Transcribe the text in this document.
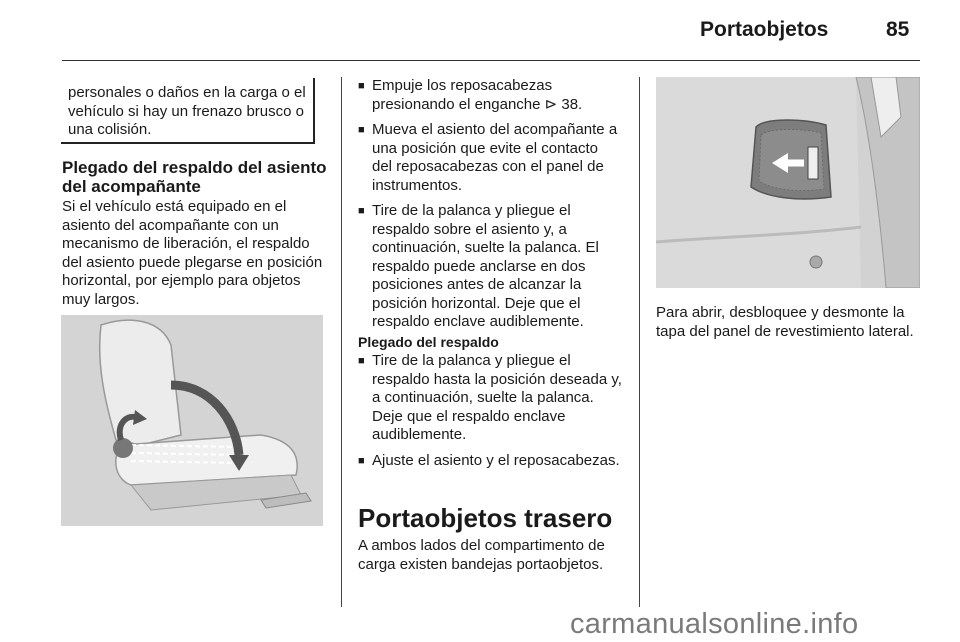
Portaobjetos	85
personales o daños en la carga o el vehículo si hay un frenazo brusco o una colisión.
Plegado del respaldo del asiento del acompañante
Si el vehículo está equipado en el asiento del acompañante con un mecanismo de liberación, el respaldo del asiento puede plegarse en posición horizontal, por ejemplo para objetos muy largos.
■ Empuje los reposacabezas presionando el enganche ⊳ 38.
■ Mueva el asiento del acompañante a una posición que evite el contacto del reposacabezas con el panel de instrumentos.
■ Tire de la palanca y pliegue el respaldo sobre el asiento y, a continuación, suelte la palanca. El respaldo puede anclarse en dos posiciones antes de alcanzar la posición horizontal. Deje que el respaldo enclave audiblemente.
Plegado del respaldo
■ Tire de la palanca y pliegue el respaldo hasta la posición deseada y, a continuación, suelte la palanca. Deje que el respaldo enclave audiblemente.
■ Ajuste el asiento y el reposacabezas.
Portaobjetos trasero
A ambos lados del compartimento de carga existen bandejas portaobjetos.
Para abrir, desbloquee y desmonte la tapa del panel de revestimiento lateral.
carmanualsonline.info
